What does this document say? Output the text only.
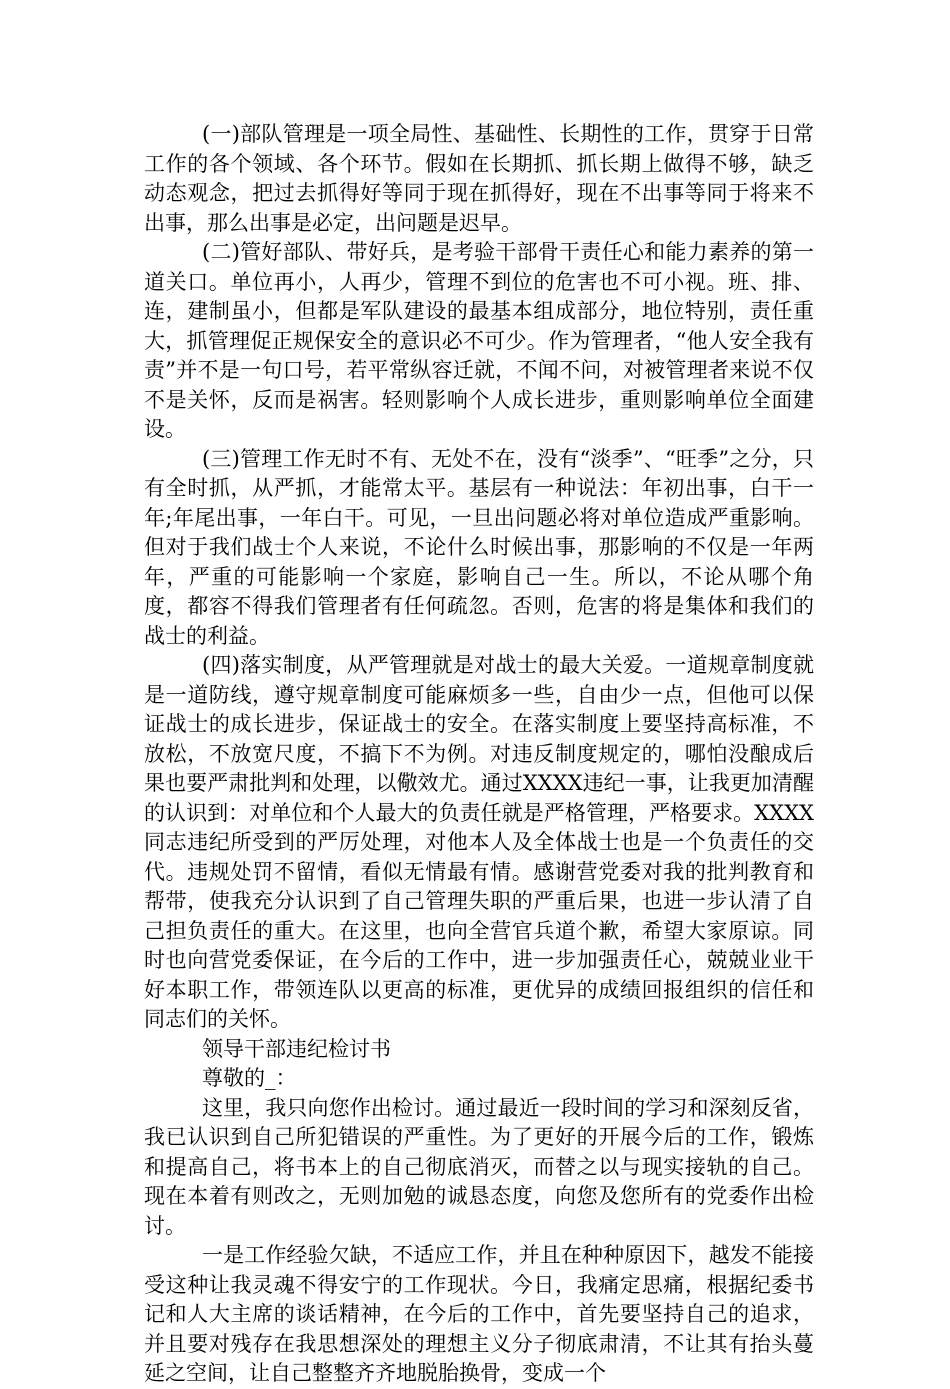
(一)部队管理是一项全局性、基础性、长期性的工作，贯穿于日常工作的各个领域、各个环节。假如在长期抓、抓长期上做得不够，缺乏动态观念，把过去抓得好等同于现在抓得好，现在不出事等同于将来不出事，那么出事是必定，出问题是迟早。

(二)管好部队、带好兵，是考验干部骨干责任心和能力素养的第一道关口。单位再小，人再少，管理不到位的危害也不可小视。班、排、连，建制虽小，但都是军队建设的最基本组成部分，地位特别，责任重大，抓管理促正规保安全的意识必不可少。作为管理者，“他人安全我有责”并不是一句口号，若平常纵容迁就，不闻不问，对被管理者来说不仅不是关怀，反而是祸害。轻则影响个人成长进步，重则影响单位全面建设。

(三)管理工作无时不有、无处不在，没有“淡季”、“旺季”之分，只有全时抓，从严抓，才能常太平。基层有一种说法：年初出事，白干一年;年尾出事，一年白干。可见，一旦出问题必将对单位造成严重影响。但对于我们战士个人来说，不论什么时候出事，那影响的不仅是一年两年，严重的可能影响一个家庭，影响自己一生。所以，不论从哪个角度，都容不得我们管理者有任何疏忽。否则，危害的将是集体和我们的战士的利益。

(四)落实制度，从严管理就是对战士的最大关爱。一道规章制度就是一道防线，遵守规章制度可能麻烦多一些，自由少一点，但他可以保证战士的成长进步，保证战士的安全。在落实制度上要坚持高标准，不放松，不放宽尺度，不搞下不为例。对违反制度规定的，哪怕没酿成后果也要严肃批判和处理，以儆效尤。通过XXXX违纪一事，让我更加清醒的认识到：对单位和个人最大的负责任就是严格管理，严格要求。XXXX同志违纪所受到的严厉处理，对他本人及全体战士也是一个负责任的交代。违规处罚不留情，看似无情最有情。感谢营党委对我的批判教育和帮带，使我充分认识到了自己管理失职的严重后果，也进一步认清了自己担负责任的重大。在这里，也向全营官兵道个歉，希望大家原谅。同时也向营党委保证，在今后的工作中，进一步加强责任心，兢兢业业干好本职工作，带领连队以更高的标准，更优异的成绩回报组织的信任和同志们的关怀。

领导干部违纪检讨书

尊敬的_：

这里，我只向您作出检讨。通过最近一段时间的学习和深刻反省，我已认识到自己所犯错误的严重性。为了更好的开展今后的工作，锻炼和提高自己，将书本上的自己彻底消灭，而替之以与现实接轨的自己。现在本着有则改之，无则加勉的诚恳态度，向您及您所有的党委作出检讨。

一是工作经验欠缺，不适应工作，并且在种种原因下，越发不能接受这种让我灵魂不得安宁的工作现状。今日，我痛定思痛，根据纪委书记和人大主席的谈话精神，在今后的工作中，首先要坚持自己的追求，并且要对残存在我思想深处的理想主义分子彻底肃清，不让其有抬头蔓延之空间，让自己整整齐齐地脱胎换骨，变成一个
